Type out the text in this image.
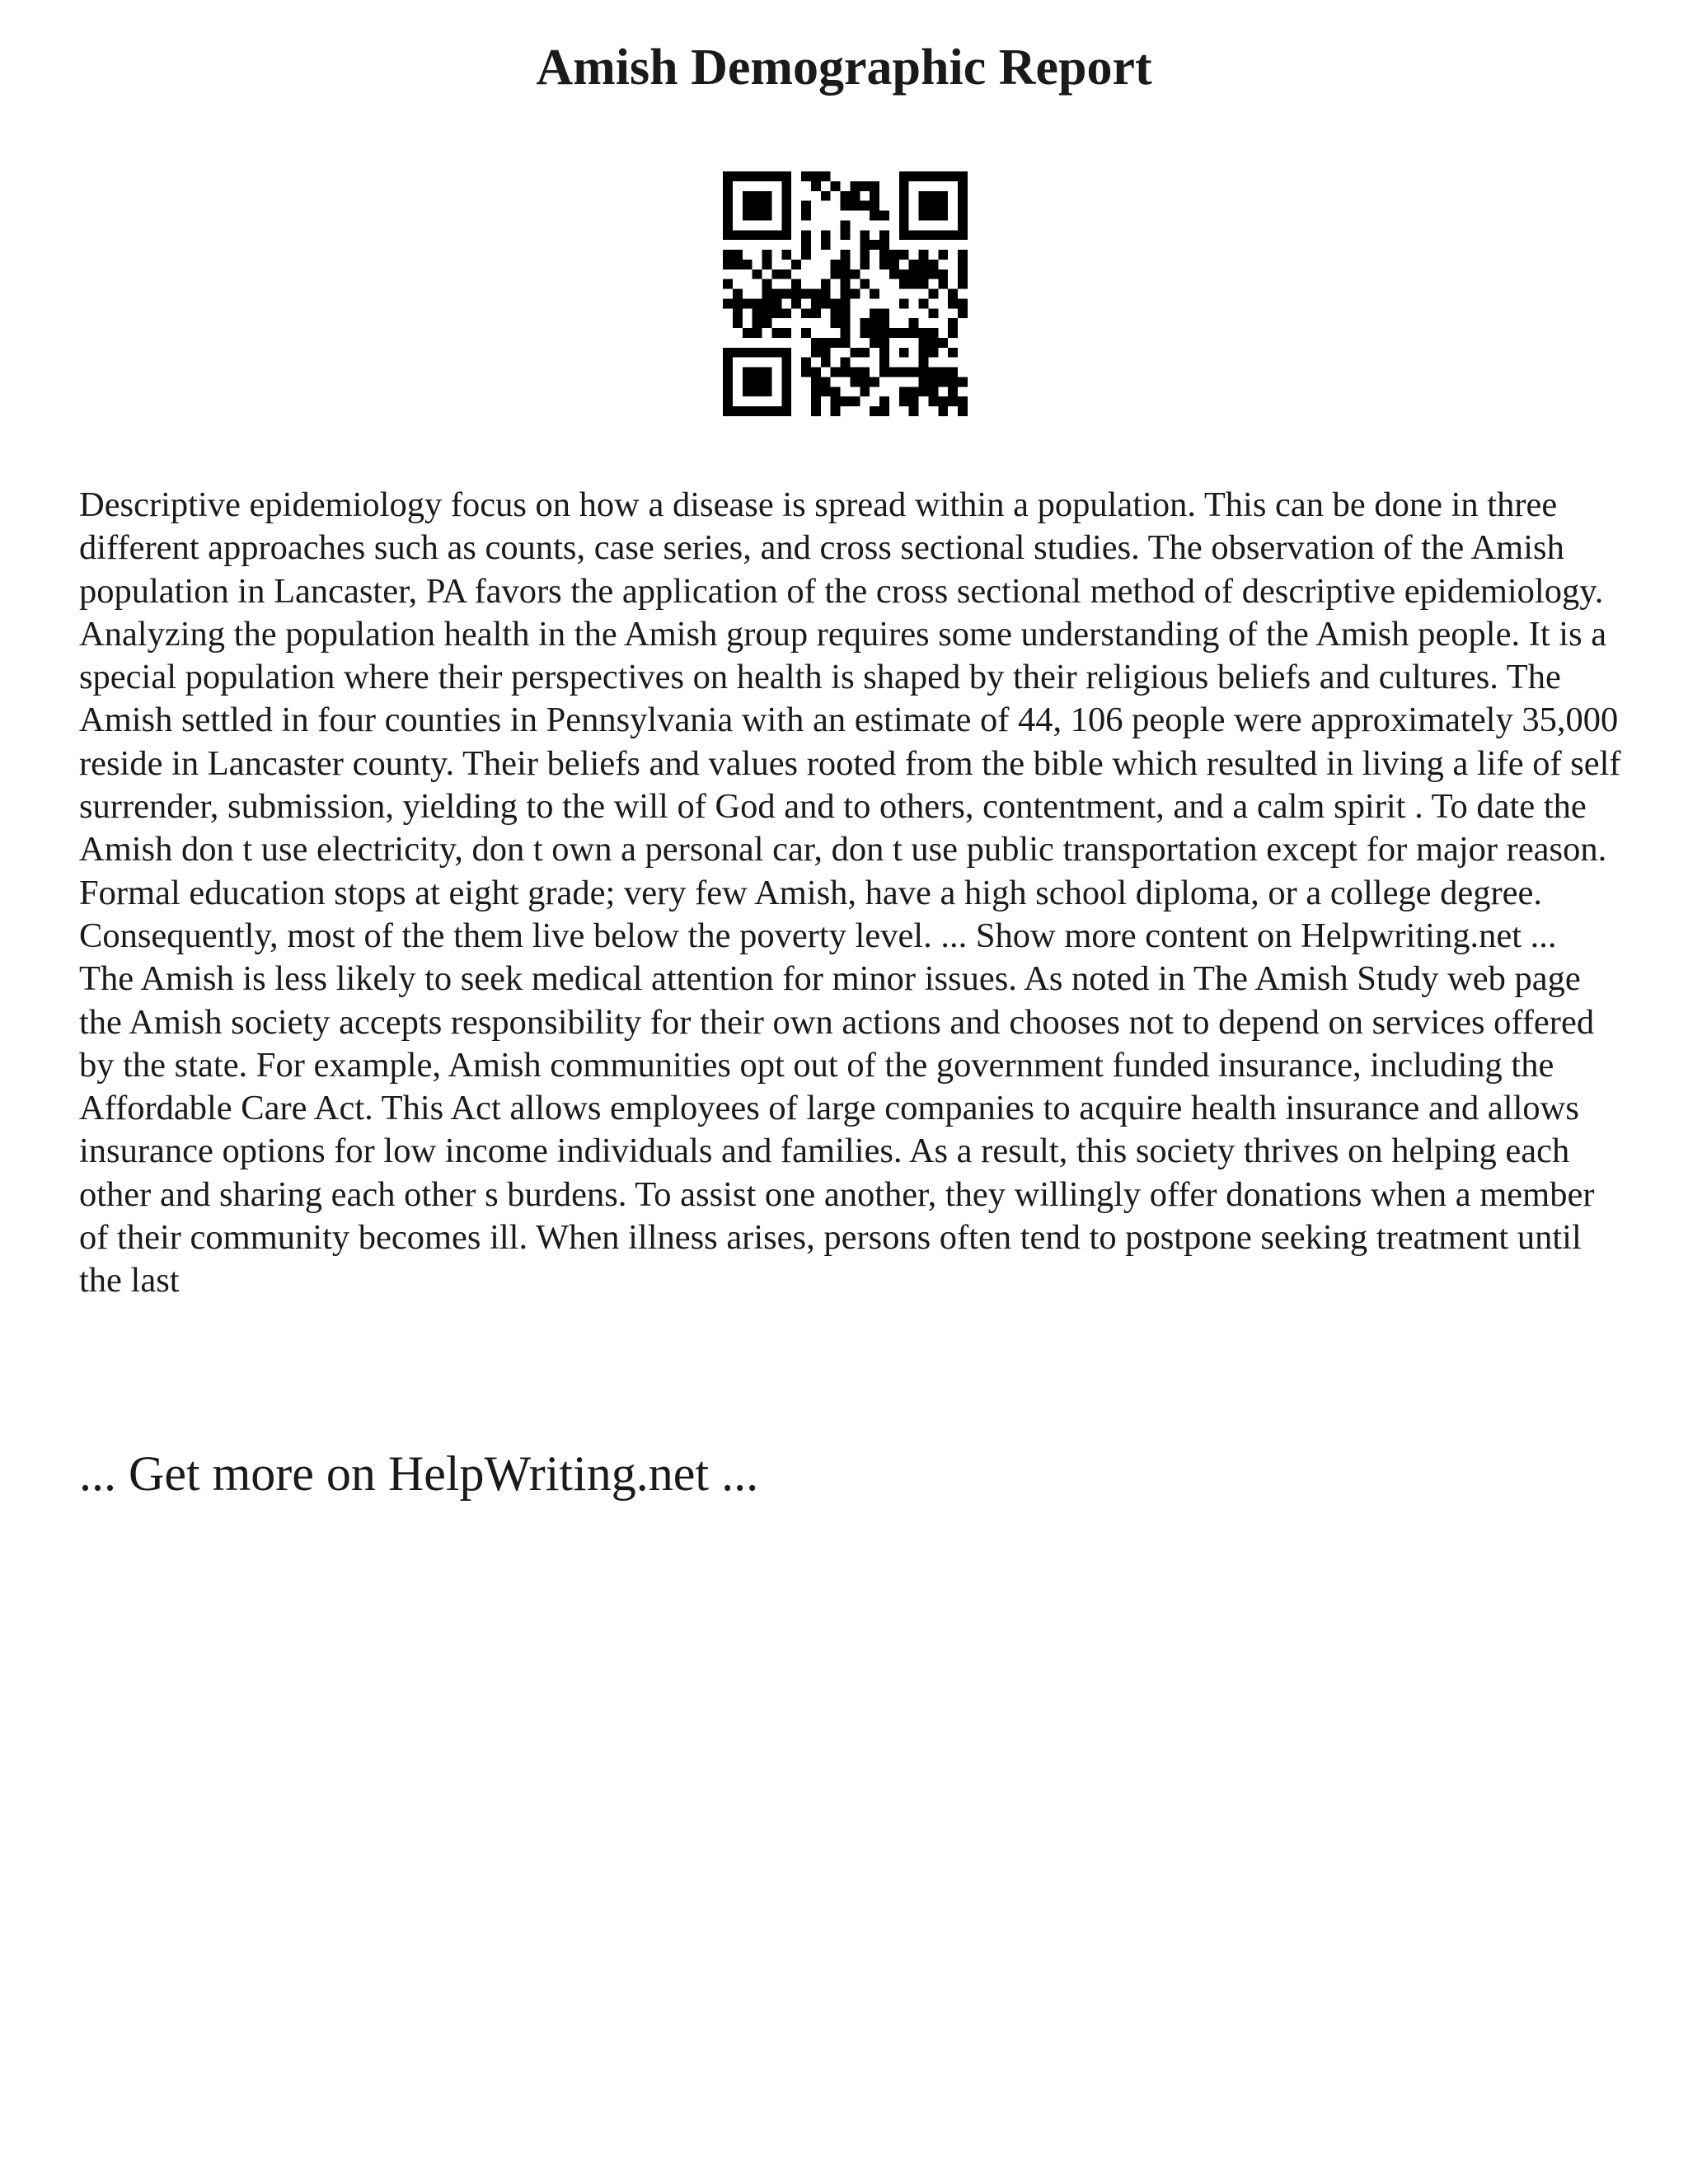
Amish Demographic Report

Descriptive epidemiology focus on how a disease is spread within a population. This can be done in three different approaches such as counts, case series, and cross sectional studies. The observation of the Amish population in Lancaster, PA favors the application of the cross sectional method of descriptive epidemiology.

Analyzing the population health in the Amish group requires some understanding of the Amish people. It is a special population where their perspectives on health is shaped by their religious beliefs and cultures. The Amish settled in four counties in Pennsylvania with an estimate of 44, 106 people were approximately 35,000 reside in Lancaster county. Their beliefs and values rooted from the bible which resulted in living a life of self surrender, submission, yielding to the will of God and to others, contentment, and a calm spirit . To date the Amish don t use electricity, don t own a personal car, don t use public transportation except for major reason. Formal education stops at eight grade; very few Amish, have a high school diploma, or a college degree. Consequently, most of the them live below the poverty level. ... Show more content on Helpwriting.net ...

The Amish is less likely to seek medical attention for minor issues. As noted in The Amish Study web page the Amish society accepts responsibility for their own actions and chooses not to depend on services offered by the state. For example, Amish communities opt out of the government funded insurance, including the Affordable Care Act. This Act allows employees of large companies to acquire health insurance and allows insurance options for low income individuals and families. As a result, this society thrives on helping each other and sharing each other s burdens. To assist one another, they willingly offer donations when a member of their community becomes ill. When illness arises, persons often tend to postpone seeking treatment until the last

... Get more on HelpWriting.net ...
